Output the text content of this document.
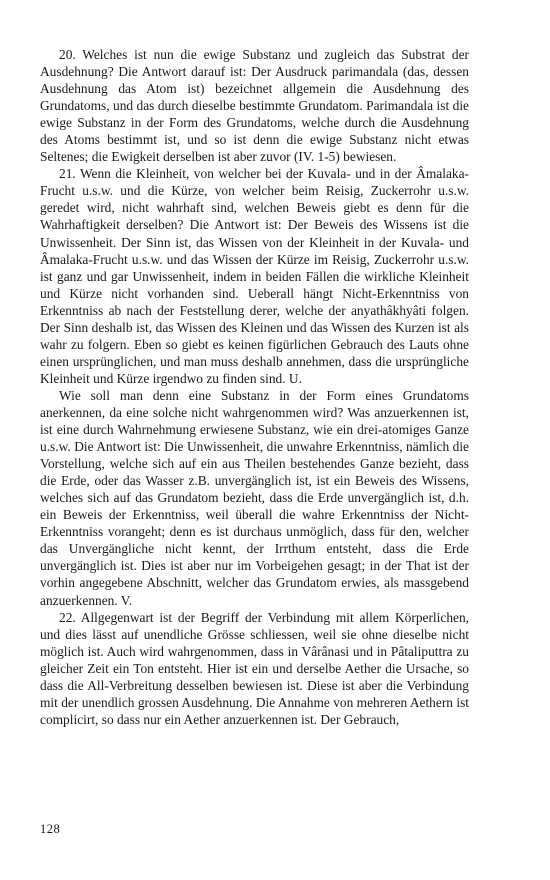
20. Welches ist nun die ewige Substanz und zugleich das Substrat der Ausdehnung? Die Antwort darauf ist: Der Ausdruck parimandala (das, dessen Ausdehnung das Atom ist) bezeichnet allgemein die Ausdehnung des Grundatoms, und das durch dieselbe bestimmte Grundatom. Parimandala ist die ewige Substanz in der Form des Grundatoms, welche durch die Ausdehnung des Atoms bestimmt ist, und so ist denn die ewige Substanz nicht etwas Seltenes; die Ewigkeit derselben ist aber zuvor (IV. 1-5) bewiesen.

21. Wenn die Kleinheit, von welcher bei der Kuvala- und in der Âmalaka-Frucht u.s.w. und die Kürze, von welcher beim Reisig, Zuckerrohr u.s.w. geredet wird, nicht wahrhaft sind, welchen Beweis giebt es denn für die Wahrhaftigkeit derselben? Die Antwort ist: Der Beweis des Wissens ist die Unwissenheit. Der Sinn ist, das Wissen von der Kleinheit in der Kuvala- und Âmalaka-Frucht u.s.w. und das Wissen der Kürze im Reisig, Zuckerrohr u.s.w. ist ganz und gar Unwissenheit, indem in beiden Fällen die wirkliche Kleinheit und Kürze nicht vorhanden sind. Ueberall hängt Nicht-Erkenntniss von Erkenntniss ab nach der Feststellung derer, welche der anyathâkhyâti folgen. Der Sinn deshalb ist, das Wissen des Kleinen und das Wissen des Kurzen ist als wahr zu folgern. Eben so giebt es keinen figürlichen Gebrauch des Lauts ohne einen ursprünglichen, und man muss deshalb annehmen, dass die ursprüngliche Kleinheit und Kürze irgendwo zu finden sind. U.

Wie soll man denn eine Substanz in der Form eines Grundatoms anerkennen, da eine solche nicht wahrgenommen wird? Was anzuerkennen ist, ist eine durch Wahrnehmung erwiesene Substanz, wie ein drei-atomiges Ganze u.s.w. Die Antwort ist: Die Unwissenheit, die unwahre Erkenntniss, nämlich die Vorstellung, welche sich auf ein aus Theilen bestehendes Ganze bezieht, dass die Erde, oder das Wasser z.B. unvergänglich ist, ist ein Beweis des Wissens, welches sich auf das Grundatom bezieht, dass die Erde unvergänglich ist, d.h. ein Beweis der Erkenntniss, weil überall die wahre Erkenntniss der Nicht-Erkenntniss vorangeht; denn es ist durchaus unmöglich, dass für den, welcher das Unvergängliche nicht kennt, der Irrthum entsteht, dass die Erde unvergänglich ist. Dies ist aber nur im Vorbeigehen gesagt; in der That ist der vorhin angegebene Abschnitt, welcher das Grundatom erwies, als massgebend anzuerkennen. V.

22. Allgegenwart ist der Begriff der Verbindung mit allem Körperlichen, und dies lässt auf unendliche Grösse schliessen, weil sie ohne dieselbe nicht möglich ist. Auch wird wahrgenommen, dass in Vârânasi und in Pâtaliputtra zu gleicher Zeit ein Ton entsteht. Hier ist ein und derselbe Aether die Ursache, so dass die All-Verbreitung desselben bewiesen ist. Diese ist aber die Verbindung mit der unendlich grossen Ausdehnung. Die Annahme von mehreren Aethern ist complicirt, so dass nur ein Aether anzuerkennen ist. Der Gebrauch,

128
